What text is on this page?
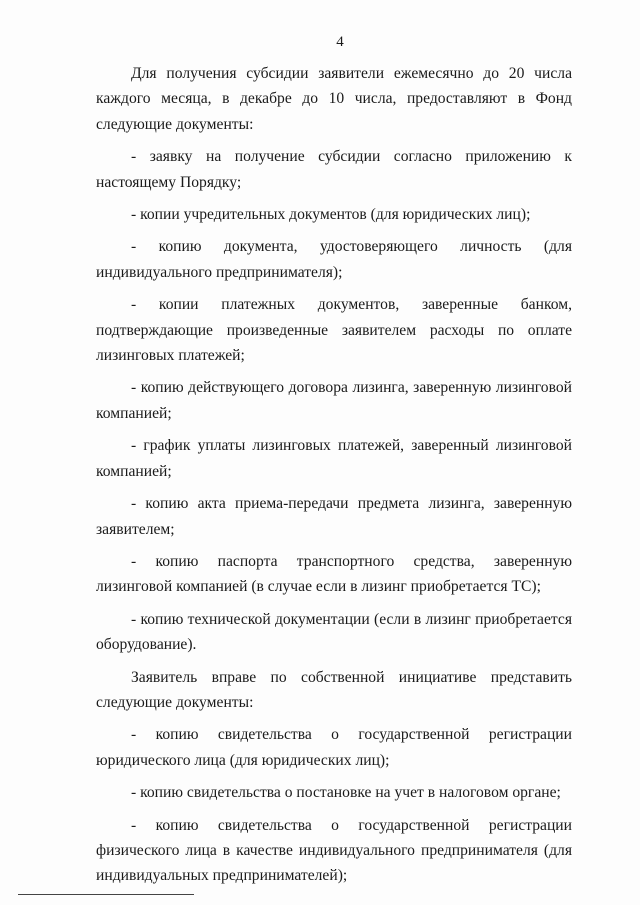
4

Для получения субсидии заявители ежемесячно до 20 числа каждого месяца, в декабре до 10 числа, предоставляют в Фонд следующие документы:

- заявку на получение субсидии согласно приложению к настоящему Порядку;

- копии учредительных документов (для юридических лиц);

- копию документа, удостоверяющего личность (для индивидуального предпринимателя);

- копии платежных документов, заверенные банком, подтверждающие произведенные заявителем расходы по оплате лизинговых платежей;

- копию действующего договора лизинга, заверенную лизинговой компанией;

- график уплаты лизинговых платежей, заверенный лизинговой компанией;

- копию акта приема-передачи предмета лизинга, заверенную заявителем;

- копию паспорта транспортного средства, заверенную лизинговой компанией (в случае если в лизинг приобретается ТС);

- копию технической документации (если в лизинг приобретается оборудование).

Заявитель вправе по собственной инициативе представить следующие документы:

- копию свидетельства о государственной регистрации юридического лица (для юридических лиц);

- копию свидетельства о постановке на учет в налоговом органе;

- копию свидетельства о государственной регистрации физического лица в качестве индивидуального предпринимателя (для индивидуальных предпринимателей);
